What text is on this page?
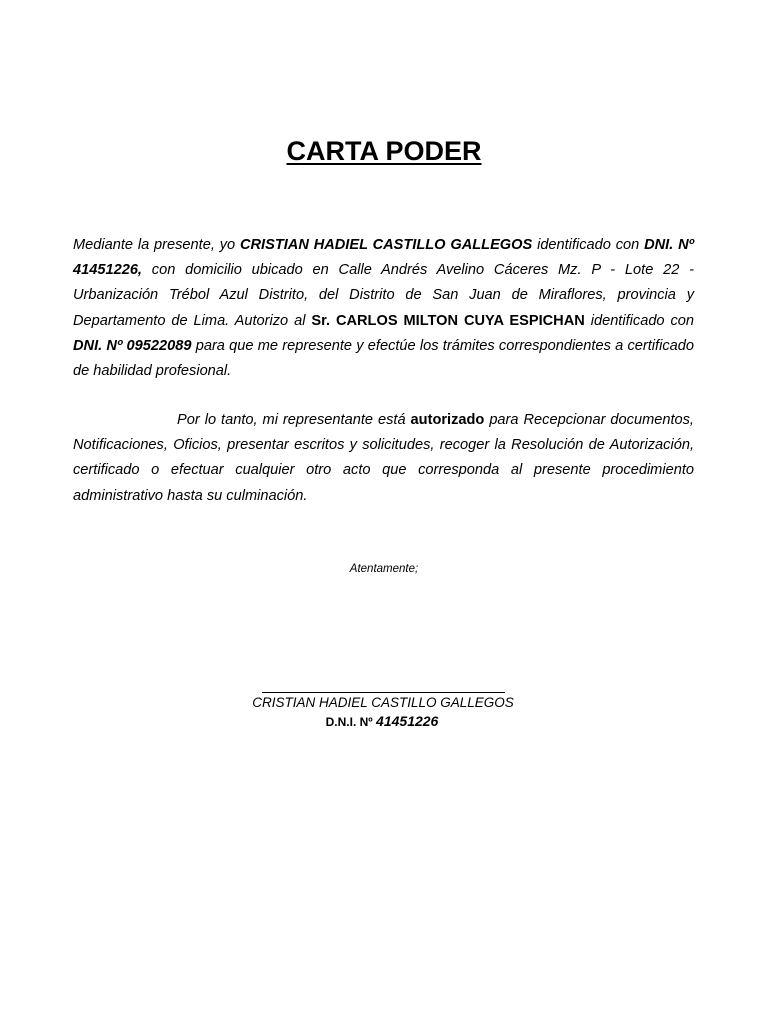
CARTA PODER

Mediante la presente, yo CRISTIAN HADIEL CASTILLO GALLEGOS identificado con DNI. Nº 41451226, con domicilio ubicado en Calle Andrés Avelino Cáceres Mz. P - Lote 22 - Urbanización Trébol Azul Distrito, del Distrito de San Juan de Miraflores, provincia y Departamento de Lima. Autorizo al Sr. CARLOS MILTON CUYA ESPICHAN identificado con DNI. Nº 09522089 para que me represente y efectúe los trámites correspondientes a certificado de habilidad profesional.

Por lo tanto, mi representante está autorizado para Recepcionar documentos, Notificaciones, Oficios, presentar escritos y solicitudes, recoger la Resolución de Autorización, certificado o efectuar cualquier otro acto que corresponda al presente procedimiento administrativo hasta su culminación.

Atentamente;
CRISTIAN HADIEL CASTILLO GALLEGOS
D.N.I. Nº 41451226
